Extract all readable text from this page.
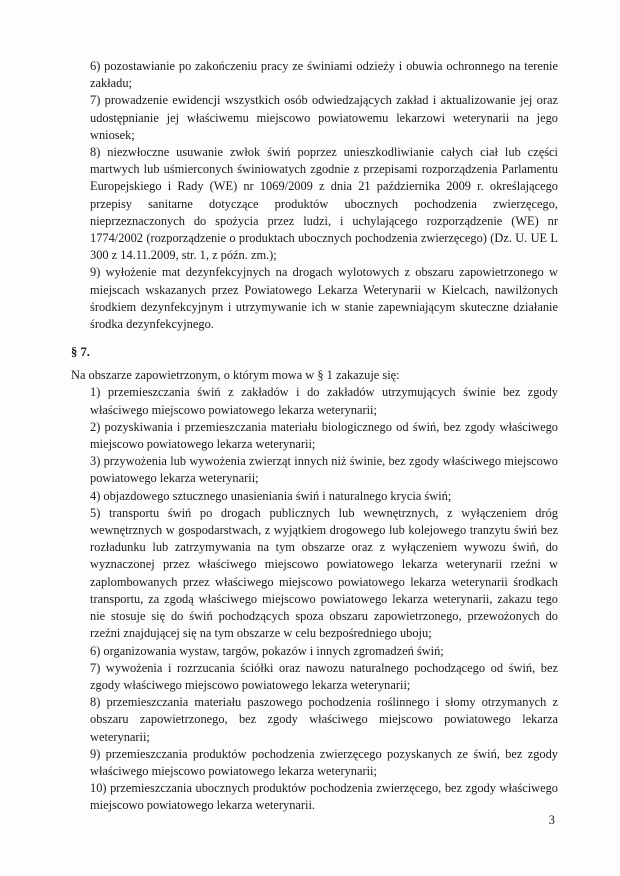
6) pozostawianie po zakończeniu pracy ze świniami odzieży i obuwia ochronnego na terenie zakładu;

7) prowadzenie ewidencji wszystkich osób odwiedzających zakład i aktualizowanie jej oraz udostępnianie jej właściwemu miejscowo powiatowemu lekarzowi weterynarii na jego wniosek;

8) niezwłoczne usuwanie zwłok świń poprzez unieszkodliwianie całych ciał lub części martwych lub uśmierconych świniowatych zgodnie z przepisami rozporządzenia Parlamentu Europejskiego i Rady (WE) nr 1069/2009 z dnia 21 października 2009 r. określającego przepisy sanitarne dotyczące produktów ubocznych pochodzenia zwierzęcego, nieprzeznaczonych do spożycia przez ludzi, i uchylającego rozporządzenie (WE) nr 1774/2002 (rozporządzenie o produktach ubocznych pochodzenia zwierzęcego) (Dz. U. UE L 300 z 14.11.2009, str. 1, z późn. zm.);

9) wyłożenie mat dezynfekcyjnych na drogach wylotowych z obszaru zapowietrzonego w miejscach wskazanych przez Powiatowego Lekarza Weterynarii w Kielcach, nawilżonych środkiem dezynfekcyjnym i utrzymywanie ich w stanie zapewniającym skuteczne działanie środka dezynfekcyjnego.

§ 7.

Na obszarze zapowietrzonym, o którym mowa w § 1 zakazuje się:

1) przemieszczania świń z zakładów i do zakładów utrzymujących świnie bez zgody właściwego miejscowo powiatowego lekarza weterynarii;

2) pozyskiwania i przemieszczania materiału biologicznego od świń, bez zgody właściwego miejscowo powiatowego lekarza weterynarii;

3) przywożenia lub wywożenia zwierząt innych niż świnie, bez zgody właściwego miejscowo powiatowego lekarza weterynarii;

4) objazdowego sztucznego unasieniania świń i naturalnego krycia świń;

5) transportu świń po drogach publicznych lub wewnętrznych, z wyłączeniem dróg wewnętrznych w gospodarstwach, z wyjątkiem drogowego lub kolejowego tranzytu świń bez rozładunku lub zatrzymywania na tym obszarze oraz z wyłączeniem wywozu świń, do wyznaczonej przez właściwego miejscowo powiatowego lekarza weterynarii rzeźni w zaplombowanych przez właściwego miejscowo powiatowego lekarza weterynarii środkach transportu, za zgodą właściwego miejscowo powiatowego lekarza weterynarii, zakazu tego nie stosuje się do świń pochodzących spoza obszaru zapowietrzonego, przewożonych do rzeźni znajdującej się na tym obszarze w celu bezpośredniego uboju;

6) organizowania wystaw, targów, pokazów i innych zgromadzeń świń;

7) wywożenia i rozrzucania ściółki oraz nawozu naturalnego pochodzącego od świń, bez zgody właściwego miejscowo powiatowego lekarza weterynarii;

8) przemieszczania materiału paszowego pochodzenia roślinnego i słomy otrzymanych z obszaru zapowietrzonego, bez zgody właściwego miejscowo powiatowego lekarza weterynarii;

9) przemieszczania produktów pochodzenia zwierzęcego pozyskanych ze świń, bez zgody właściwego miejscowo powiatowego lekarza weterynarii;

10) przemieszczania ubocznych produktów pochodzenia zwierzęcego, bez zgody właściwego miejscowo powiatowego lekarza weterynarii.

3
